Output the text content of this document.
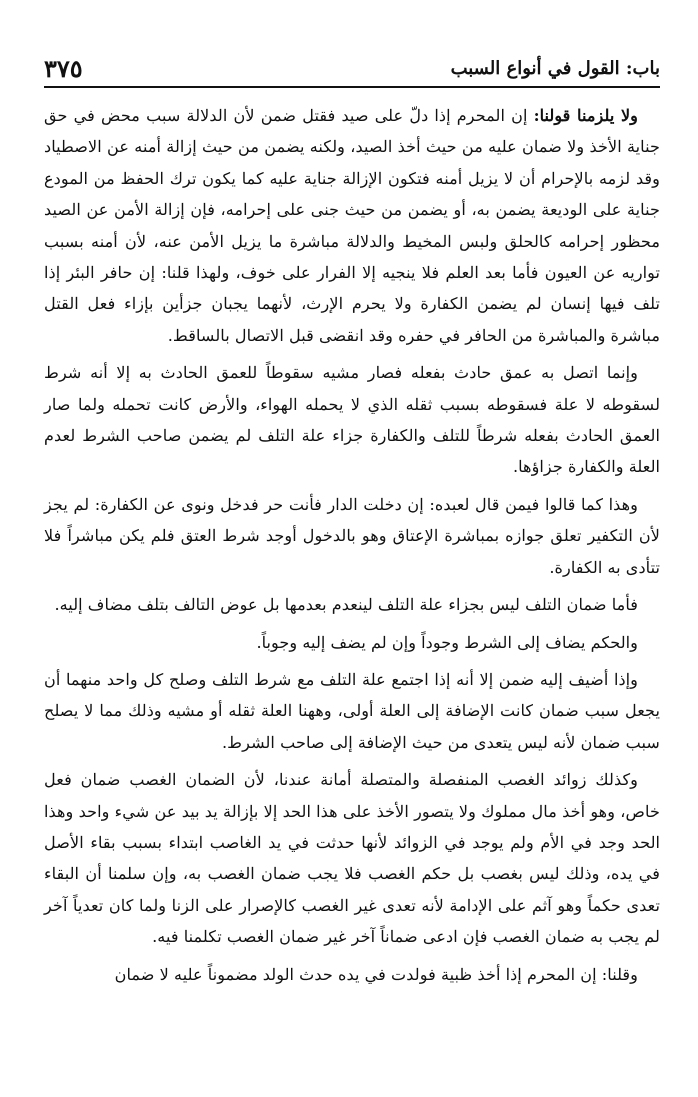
باب: القول في أنواع السبب
٣٧٥

ولا يلزمنا قولنا: إن المحرم إذا دلّ على صيد فقتل ضمن لأن الدلالة سبب محض في حق جناية الأخذ ولا ضمان عليه من حيث أخذ الصيد، ولكنه يضمن من حيث إزالة أمنه عن الاصطياد وقد لزمه بالإحرام أن لا يزيل أمنه فتكون الإزالة جناية عليه كما يكون ترك الحفظ من المودع جناية على الوديعة يضمن به، أو يضمن من حيث جنى على إحرامه، فإن إزالة الأمن عن الصيد محظور إحرامه كالحلق ولبس المخيط والدلالة مباشرة ما يزيل الأمن عنه، لأن أمنه بسبب تواريه عن العيون فأما بعد العلم فلا ينجيه إلا الفرار على خوف، ولهذا قلنا: إن حافر البئر إذا تلف فيها إنسان لم يضمن الكفارة ولا يحرم الإرث، لأنهما يجبان جزأين بإزاء فعل القتل مباشرة والمباشرة من الحافر في حفره وقد انقضى قبل الاتصال بالساقط.

وإنما اتصل به عمق حادث بفعله فصار مشيه سقوطاً للعمق الحادث به إلا أنه شرط لسقوطه لا علة فسقوطه بسبب ثقله الذي لا يحمله الهواء، والأرض كانت تحمله ولما صار العمق الحادث بفعله شرطاً للتلف والكفارة جزاء علة التلف لم يضمن صاحب الشرط لعدم العلة والكفارة جزاؤها.

وهذا كما قالوا فيمن قال لعبده: إن دخلت الدار فأنت حر فدخل ونوى عن الكفارة: لم يجز لأن التكفير تعلق جوازه بمباشرة الإعتاق وهو بالدخول أوجد شرط العتق فلم يكن مباشراً فلا تتأدى به الكفارة.

فأما ضمان التلف ليس بجزاء علة التلف لينعدم بعدمها بل عوض التالف بتلف مضاف إليه.

والحكم يضاف إلى الشرط وجوداً وإن لم يضف إليه وجوباً.

وإذا أضيف إليه ضمن إلا أنه إذا اجتمع علة التلف مع شرط التلف وصلح كل واحد منهما أن يجعل سبب ضمان كانت الإضافة إلى العلة أولى، وههنا العلة ثقله أو مشيه وذلك مما لا يصلح سبب ضمان لأنه ليس يتعدى من حيث الإضافة إلى صاحب الشرط.

وكذلك زوائد الغصب المنفصلة والمتصلة أمانة عندنا، لأن الضمان الغصب ضمان فعل خاص، وهو أخذ مال مملوك ولا يتصور الأخذ على هذا الحد إلا بإزالة يد بيد عن شيء واحد وهذا الحد وجد في الأم ولم يوجد في الزوائد لأنها حدثت في يد الغاصب ابتداء بسبب بقاء الأصل في يده، وذلك ليس بغصب بل حكم الغصب فلا يجب ضمان الغصب به، وإن سلمنا أن البقاء تعدى حكماً وهو آثم على الإدامة لأنه تعدى غير الغصب كالإصرار على الزنا ولما كان تعدياً آخر لم يجب به ضمان الغصب فإن ادعى ضماناً آخر غير ضمان الغصب تكلمنا فيه.

وقلنا: إن المحرم إذا أخذ ظبية فولدت في يده حدث الولد مضموناً عليه لا ضمان
